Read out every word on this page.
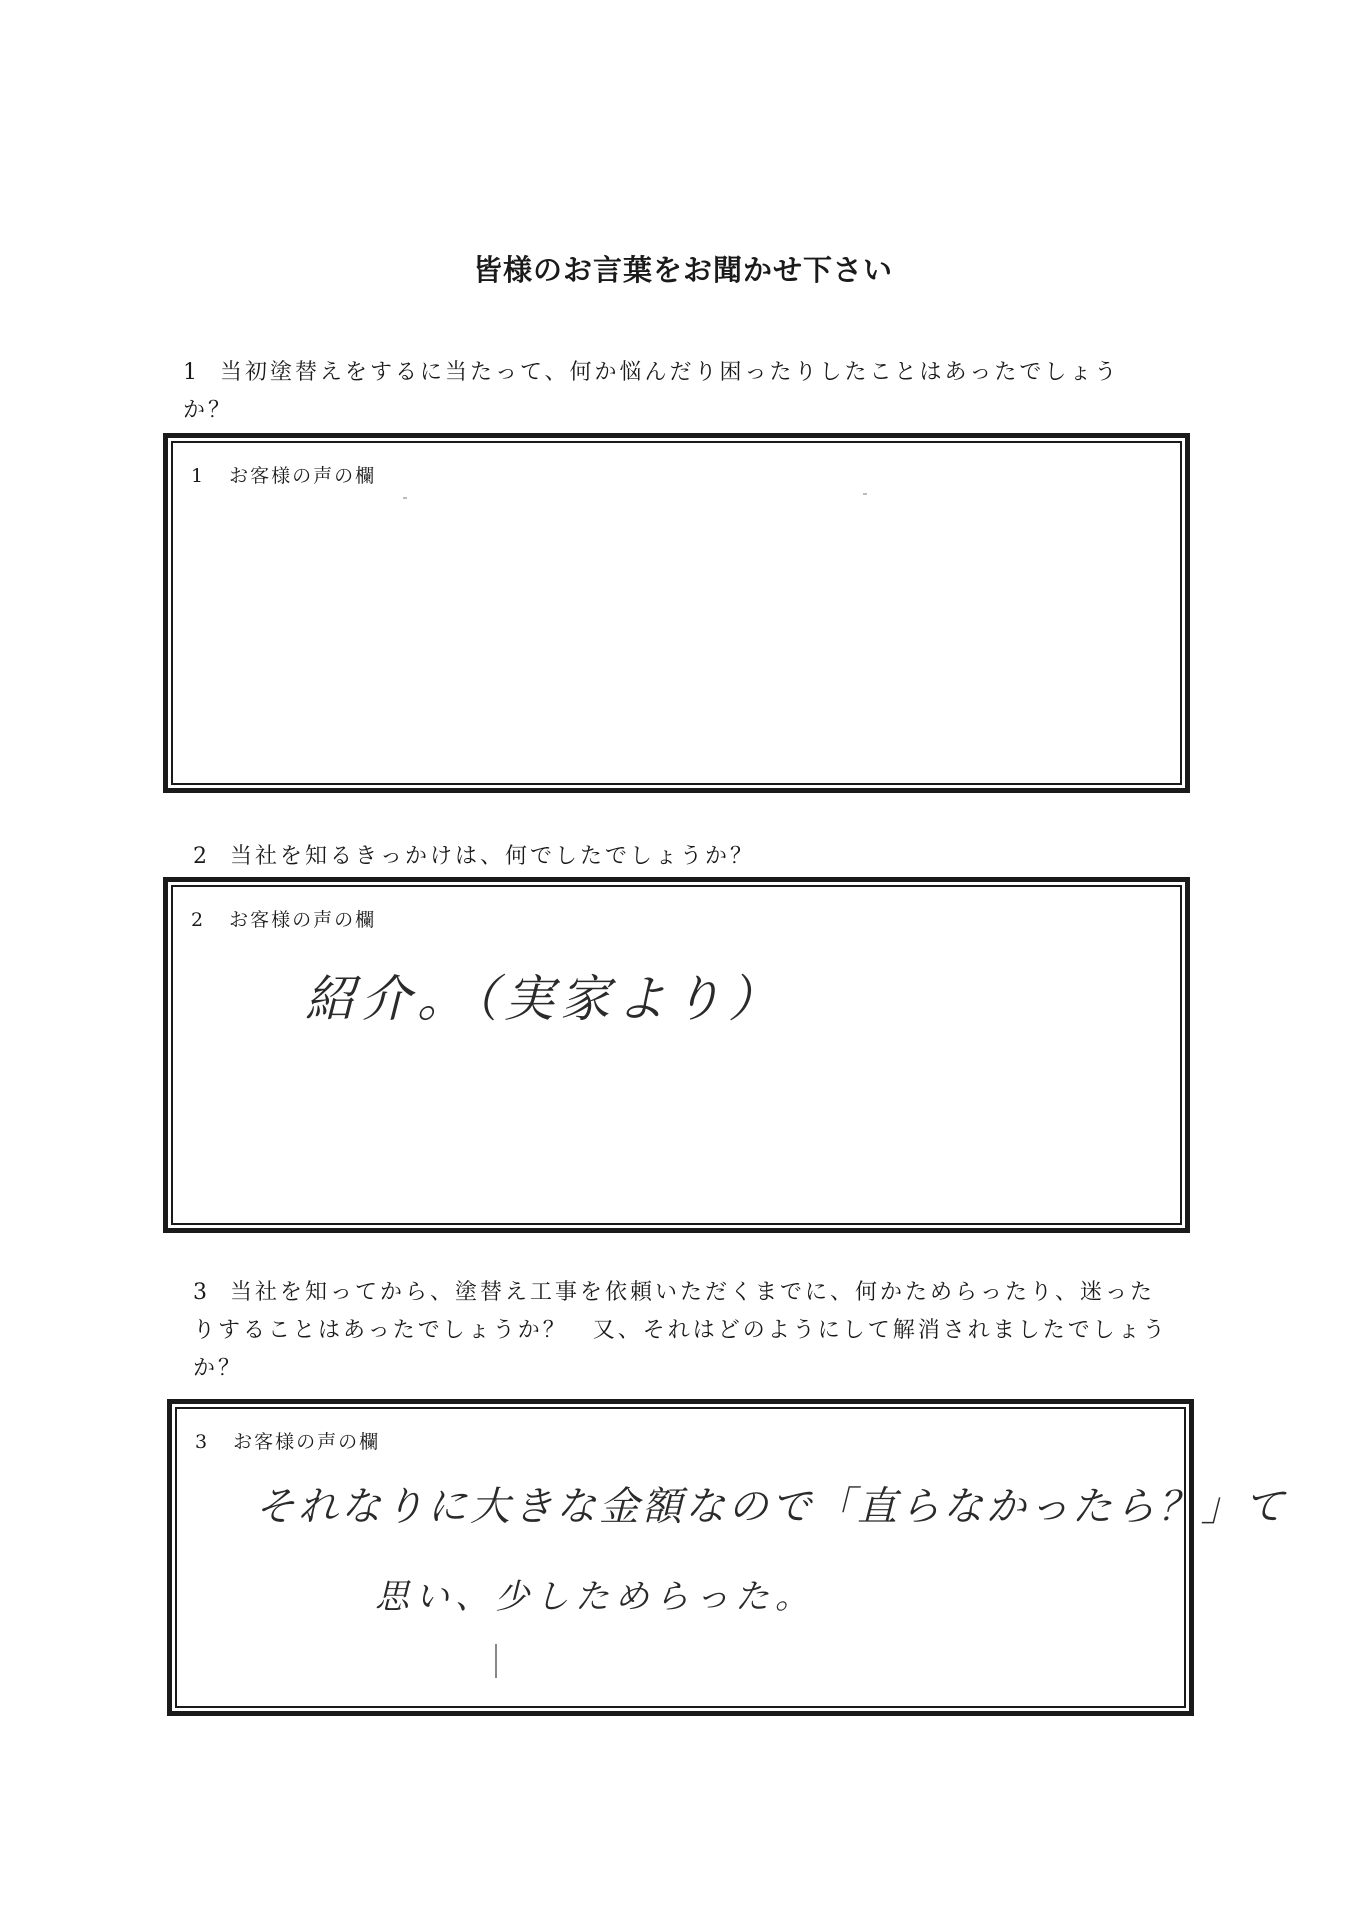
皆様のお言葉をお聞かせ下さい
1 当初塗替えをするに当たって、何か悩んだり困ったりしたことはあったでしょう
か？
1 お客様の声の欄
2 当社を知るきっかけは、何でしたでしょうか？
2 お客様の声の欄
紹介。（実家より）
3 当社を知ってから、塗替え工事を依頼いただくまでに、何かためらったり、迷った
りすることはあったでしょうか？　又、それはどのようにして解消されましたでしょう
か？
3 お客様の声の欄
それなりに大きな金額なので「直らなかったら？」て
思い、少しためらった。
